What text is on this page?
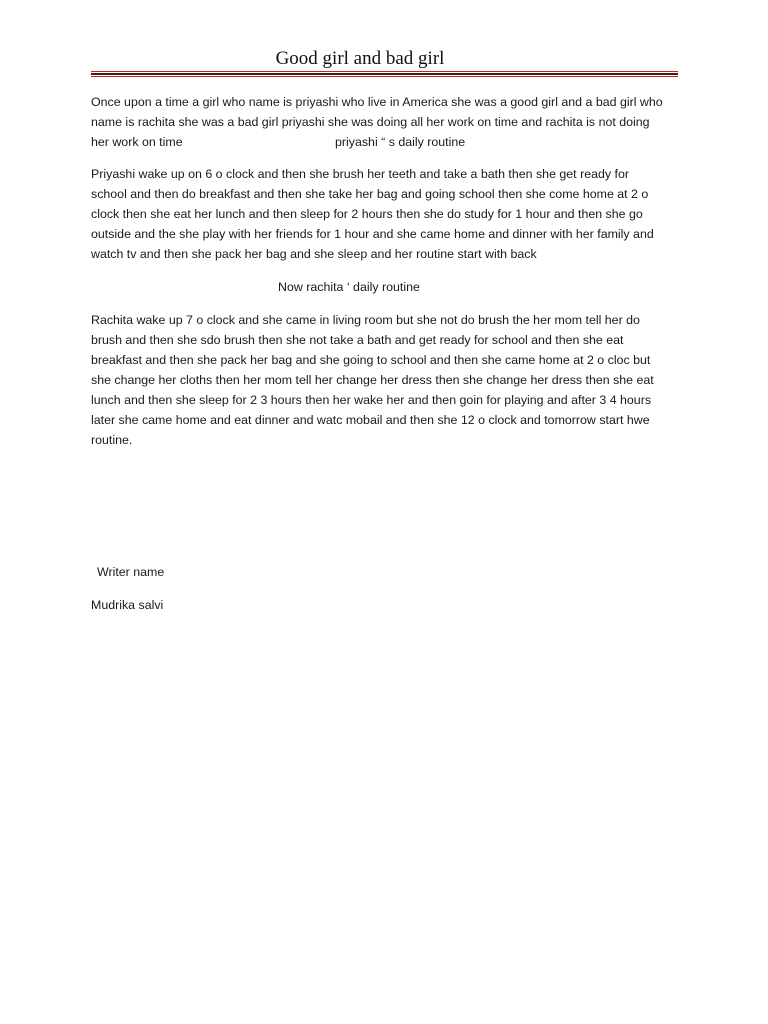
Good girl and bad girl

Once upon a time a girl who name is priyashi who live in America she was a good girl and a bad girl who
name is rachita she was a bad girl priyashi she was doing all her work on time and rachita is not doing
her work on time	priyashi “ s daily routine

Priyashi wake up on 6 o clock and then she brush her teeth and take a bath then she get ready for
school and then do breakfast and then she take her bag and going school then she come home at 2 o
clock then she eat her lunch and then sleep for 2 hours then she do study for 1 hour and then she go
outside and the she play with her friends for 1 hour and she came home and dinner with her family and
watch tv and then she pack her bag and she sleep and her routine start with back

Now rachita ‘ daily routine

Rachita wake up 7 o clock and she came in living room but she not do brush the her mom tell her do
brush and then she sdo brush then she not take a bath and get ready for school and then she eat
breakfast and then she pack her bag and she going to school and then she came home at 2 o cloc but
she change her cloths then her mom tell her change her dress then she change her dress then she eat
lunch and then she sleep for 2 3 hours then her wake her and then goin for playing and after 3 4 hours
later she came home and eat dinner and watc mobail and then she 12 o clock and tomorrow start hwe
routine.

Writer name
Mudrika salvi
